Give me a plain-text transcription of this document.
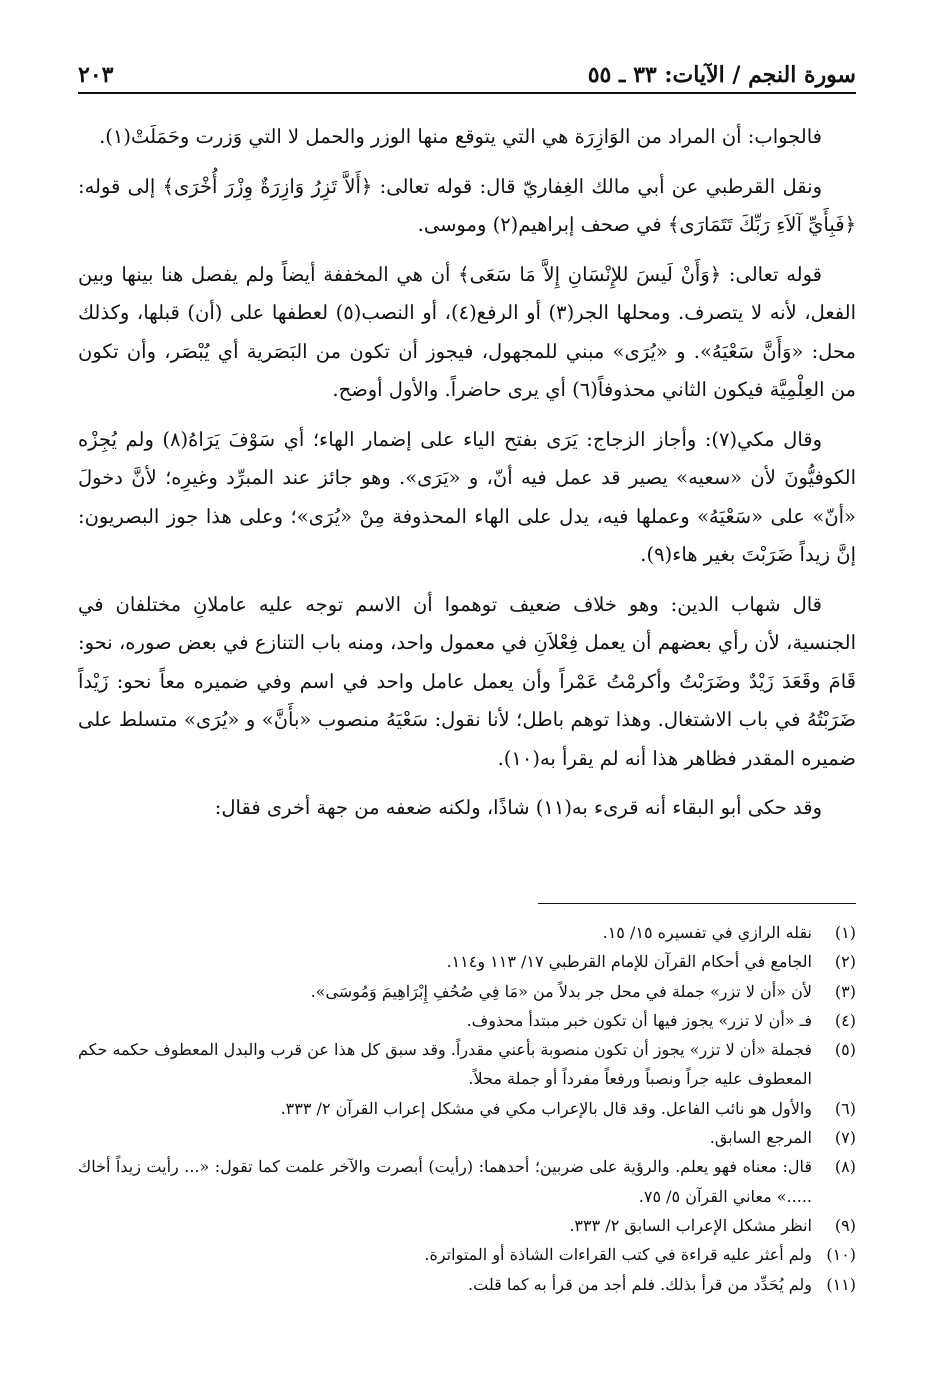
سورة النجم / الآيات: ٣٣ ـ ٥٥
٢٠٣

فالجواب: أن المراد من الوَازِرَة هي التي يتوقع منها الوزر والحمل لا التي وَزرت وحَمَلَتْ(١).

ونقل القرطبي عن أبي مالك الغِفاريّ قال: قوله تعالى: ﴿أَلاَّ تَزِرُ وَازِرَةٌ وِزْرَ أُخْرَى﴾ إلى قوله: ﴿فَبِأَيِّ آلاَءِ رَبِّكَ تَتَمَارَى﴾ في صحف إبراهيم(٢) وموسى.

قوله تعالى: ﴿وَأَنْ لَيسَ للإِنْسَانِ إِلاَّ مَا سَعَى﴾ أن هي المخففة أيضاً ولم يفصل هنا بينها وبين الفعل، لأنه لا يتصرف. ومحلها الجر(٣) أو الرفع(٤)، أو النصب(٥) لعطفها على (أن) قبلها، وكذلك محل: «وَأَنَّ سَعْيَهُ». و «يُرَى» مبني للمجهول، فيجوز أن تكون من البَصَرية أي يُبْصَر، وأن تكون من العِلْمِيَّة فيكون الثاني محذوفاً(٦) أي يرى حاضراً. والأول أوضح.

وقال مكي(٧): وأجاز الزجاج: يَرَى بفتح الياء على إضمار الهاء؛ أي سَوْفَ يَرَاهُ(٨) ولم يُجِزْه الكوفيُّونَ لأن «سعيه» يصير قد عمل فيه أنّ، و «يَرَى». وهو جائز عند المبرِّد وغيرِه؛ لأنَّ دخولَ «أنّ» على «سَعْيَهُ» وعملها فيه، يدل على الهاء المحذوفة مِنْ «يُرَى»؛ وعلى هذا جوز البصريون: إنَّ زيداً ضَرَبْتَ بغير هاء(٩).

قال شهاب الدين: وهو خلاف ضعيف توهموا أن الاسم توجه عليه عاملانِ مختلفان في الجنسية، لأن رأي بعضهم أن يعمل فِعْلاَنِ في معمول واحد، ومنه باب التنازع في بعض صوره، نحو: قَامَ وقَعَدَ زَيْدٌ وضَرَبْتُ وأكرمْتُ عَمْراً وأن يعمل عامل واحد في اسم وفي ضميره معاً نحو: زَيْداً ضَرَبْتُهُ في باب الاشتغال. وهذا توهم باطل؛ لأنا نقول: سَعْيَهُ منصوب «بأَنَّ» و «يُرَى» متسلط على ضميره المقدر فظاهر هذا أنه لم يقرأ به(١٠).

وقد حكى أبو البقاء أنه قرىء به(١١) شاذًا، ولكنه ضعفه من جهة أخرى فقال:

(١)
نقله الرازي في تفسيره ١٥/ ١٥.
(٢)
الجامع في أحكام القرآن للإمام القرطبي ١٧/ ١١٣ و١١٤.
(٣)
لأن «أن لا تزر» جملة في محل جر بدلاً من «مَا فِي صُحُفِ إِبْرَاهِيمَ وَمُوسَى».
(٤)
فـ «أن لا تزر» يجوز فيها أن تكون خبر مبتدأ محذوف.
(٥)
فجملة «أن لا تزر» يجوز أن تكون منصوبة بأعني مقدراً. وقد سبق كل هذا عن قرب والبدل المعطوف حكمه حكم المعطوف عليه جراً ونصباً ورفعاً مفرداً أو جملة محلاً.
(٦)
والأول هو نائب الفاعل. وقد قال بالإعراب مكي في مشكل إعراب القرآن ٢/ ٣٣٣.
(٧)
المرجع السابق.
(٨)
قال: معناه فهو يعلم. والرؤية على ضربين؛ أحدهما: (رأيت) أبصرت والآخر علمت كما تقول: «... رأيت زيداً أخاك .....» معاني القرآن ٥/ ٧٥.
(٩)
انظر مشكل الإعراب السابق ٢/ ٣٣٣.
(١٠)
ولم أعثر عليه قراءة في كتب القراءات الشاذة أو المتواترة.
(١١)
ولم يُحَدِّد من قرأ بذلك. فلم أجد من قرأ به كما قلت.
